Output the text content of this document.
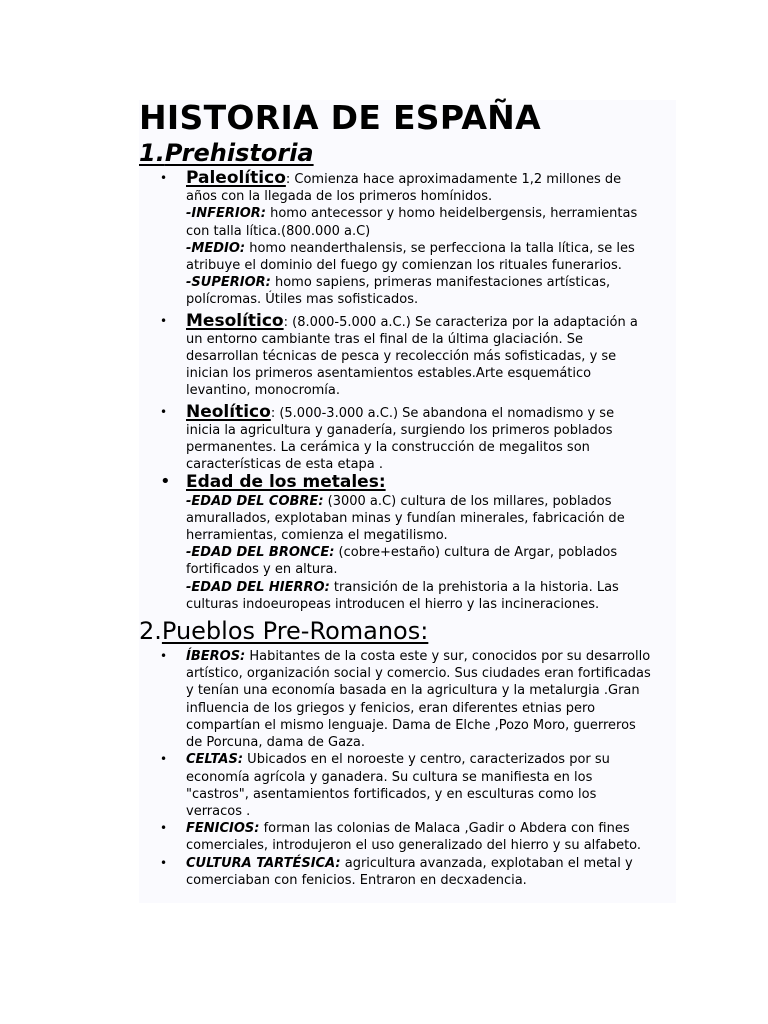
HISTORIA DE ESPAÑA
1.Prehistoria
• Paleolítico: Comienza hace aproximadamente 1,2 millones de
años con la llegada de los primeros homínidos.
-INFERIOR: homo antecessor y homo heidelbergensis, herramientas
con talla lítica.(800.000 a.C)
-MEDIO: homo neanderthalensis, se perfecciona la talla lítica, se les
atribuye el dominio del fuego gy comienzan los rituales funerarios.
-SUPERIOR: homo sapiens, primeras manifestaciones artísticas,
polícromas. Útiles mas sofisticados.
• Mesolítico: (8.000-5.000 a.C.) Se caracteriza por la adaptación a
un entorno cambiante tras el final de la última glaciación. Se
desarrollan técnicas de pesca y recolección más sofisticadas, y se
inician los primeros asentamientos estables.Arte esquemático
levantino, monocromía.
• Neolítico: (5.000-3.000 a.C.) Se abandona el nomadismo y se
inicia la agricultura y ganadería, surgiendo los primeros poblados
permanentes. La cerámica y la construcción de megalitos son
características de esta etapa .
• Edad de los metales:
-EDAD DEL COBRE: (3000 a.C) cultura de los millares, poblados
amurallados, explotaban minas y fundían minerales, fabricación de
herramientas, comienza el megatilismo.
-EDAD DEL BRONCE: (cobre+estaño) cultura de Argar, poblados
fortificados y en altura.
-EDAD DEL HIERRO: transición de la prehistoria a la historia. Las
culturas indoeuropeas introducen el hierro y las incineraciones.
2.Pueblos Pre-Romanos:
• ÍBEROS: Habitantes de la costa este y sur, conocidos por su desarrollo
artístico, organización social y comercio. Sus ciudades eran fortificadas
y tenían una economía basada en la agricultura y la metalurgia .Gran
influencia de los griegos y fenicios, eran diferentes etnias pero
compartían el mismo lenguaje. Dama de Elche ,Pozo Moro, guerreros
de Porcuna, dama de Gaza.
• CELTAS: Ubicados en el noroeste y centro, caracterizados por su
economía agrícola y ganadera. Su cultura se manifiesta en los
"castros", asentamientos fortificados, y en esculturas como los
verracos .
• FENICIOS: forman las colonias de Malaca ,Gadir o Abdera con fines
comerciales, introdujeron el uso generalizado del hierro y su alfabeto.
• CULTURA TARTÉSICA: agricultura avanzada, explotaban el metal y
comerciaban con fenicios. Entraron en decxadencia.
